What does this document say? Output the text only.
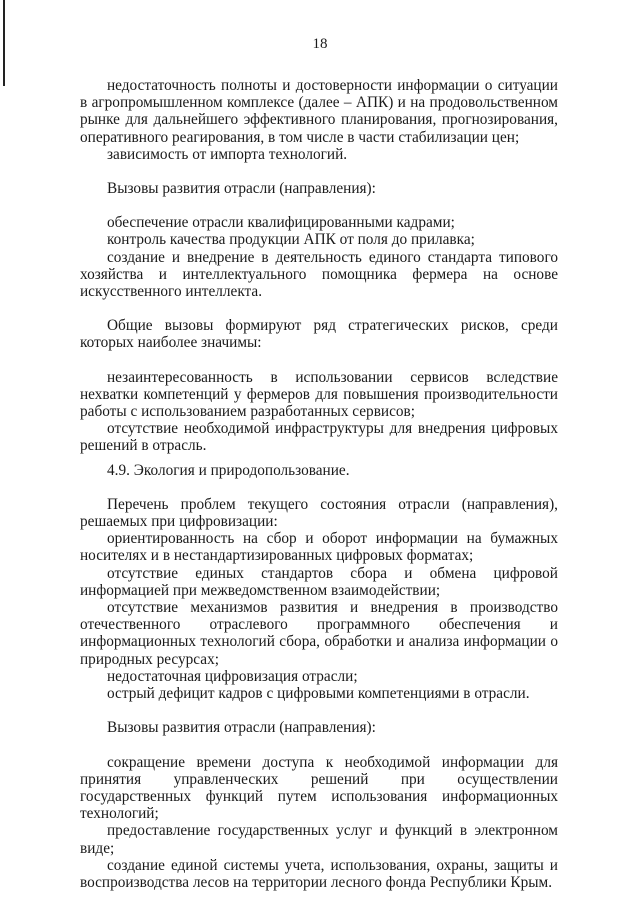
18

недостаточность полноты и достоверности информации о ситуации в агропромышленном комплексе (далее – АПК) и на продовольственном рынке для дальнейшего эффективного планирования, прогнозирования, оперативного реагирования, в том числе в части стабилизации цен;

зависимость от импорта технологий.

Вызовы развития отрасли (направления):

обеспечение отрасли квалифицированными кадрами;

контроль качества продукции АПК от поля до прилавка;

создание и внедрение в деятельность единого стандарта типового хозяйства и интеллектуального помощника фермера на основе искусственного интеллекта.

Общие вызовы формируют ряд стратегических рисков, среди которых наиболее значимы:

незаинтересованность в использовании сервисов вследствие нехватки компетенций у фермеров для повышения производительности работы с использованием разработанных сервисов;

отсутствие необходимой инфраструктуры для внедрения цифровых решений в отрасль.

4.9. Экология и природопользование.

Перечень проблем текущего состояния отрасли (направления), решаемых при цифровизации:

ориентированность на сбор и оборот информации на бумажных носителях и в нестандартизированных цифровых форматах;

отсутствие единых стандартов сбора и обмена цифровой информацией при межведомственном взаимодействии;

отсутствие механизмов развития и внедрения в производство отечественного отраслевого программного обеспечения и информационных технологий сбора, обработки и анализа информации о природных ресурсах;

недостаточная цифровизация отрасли;

острый дефицит кадров с цифровыми компетенциями в отрасли.

Вызовы развития отрасли (направления):

сокращение времени доступа к необходимой информации для принятия управленческих решений при осуществлении государственных функций путем использования информационных технологий;

предоставление государственных услуг и функций в электронном виде;

создание единой системы учета, использования, охраны, защиты и воспроизводства лесов на территории лесного фонда Республики Крым.
